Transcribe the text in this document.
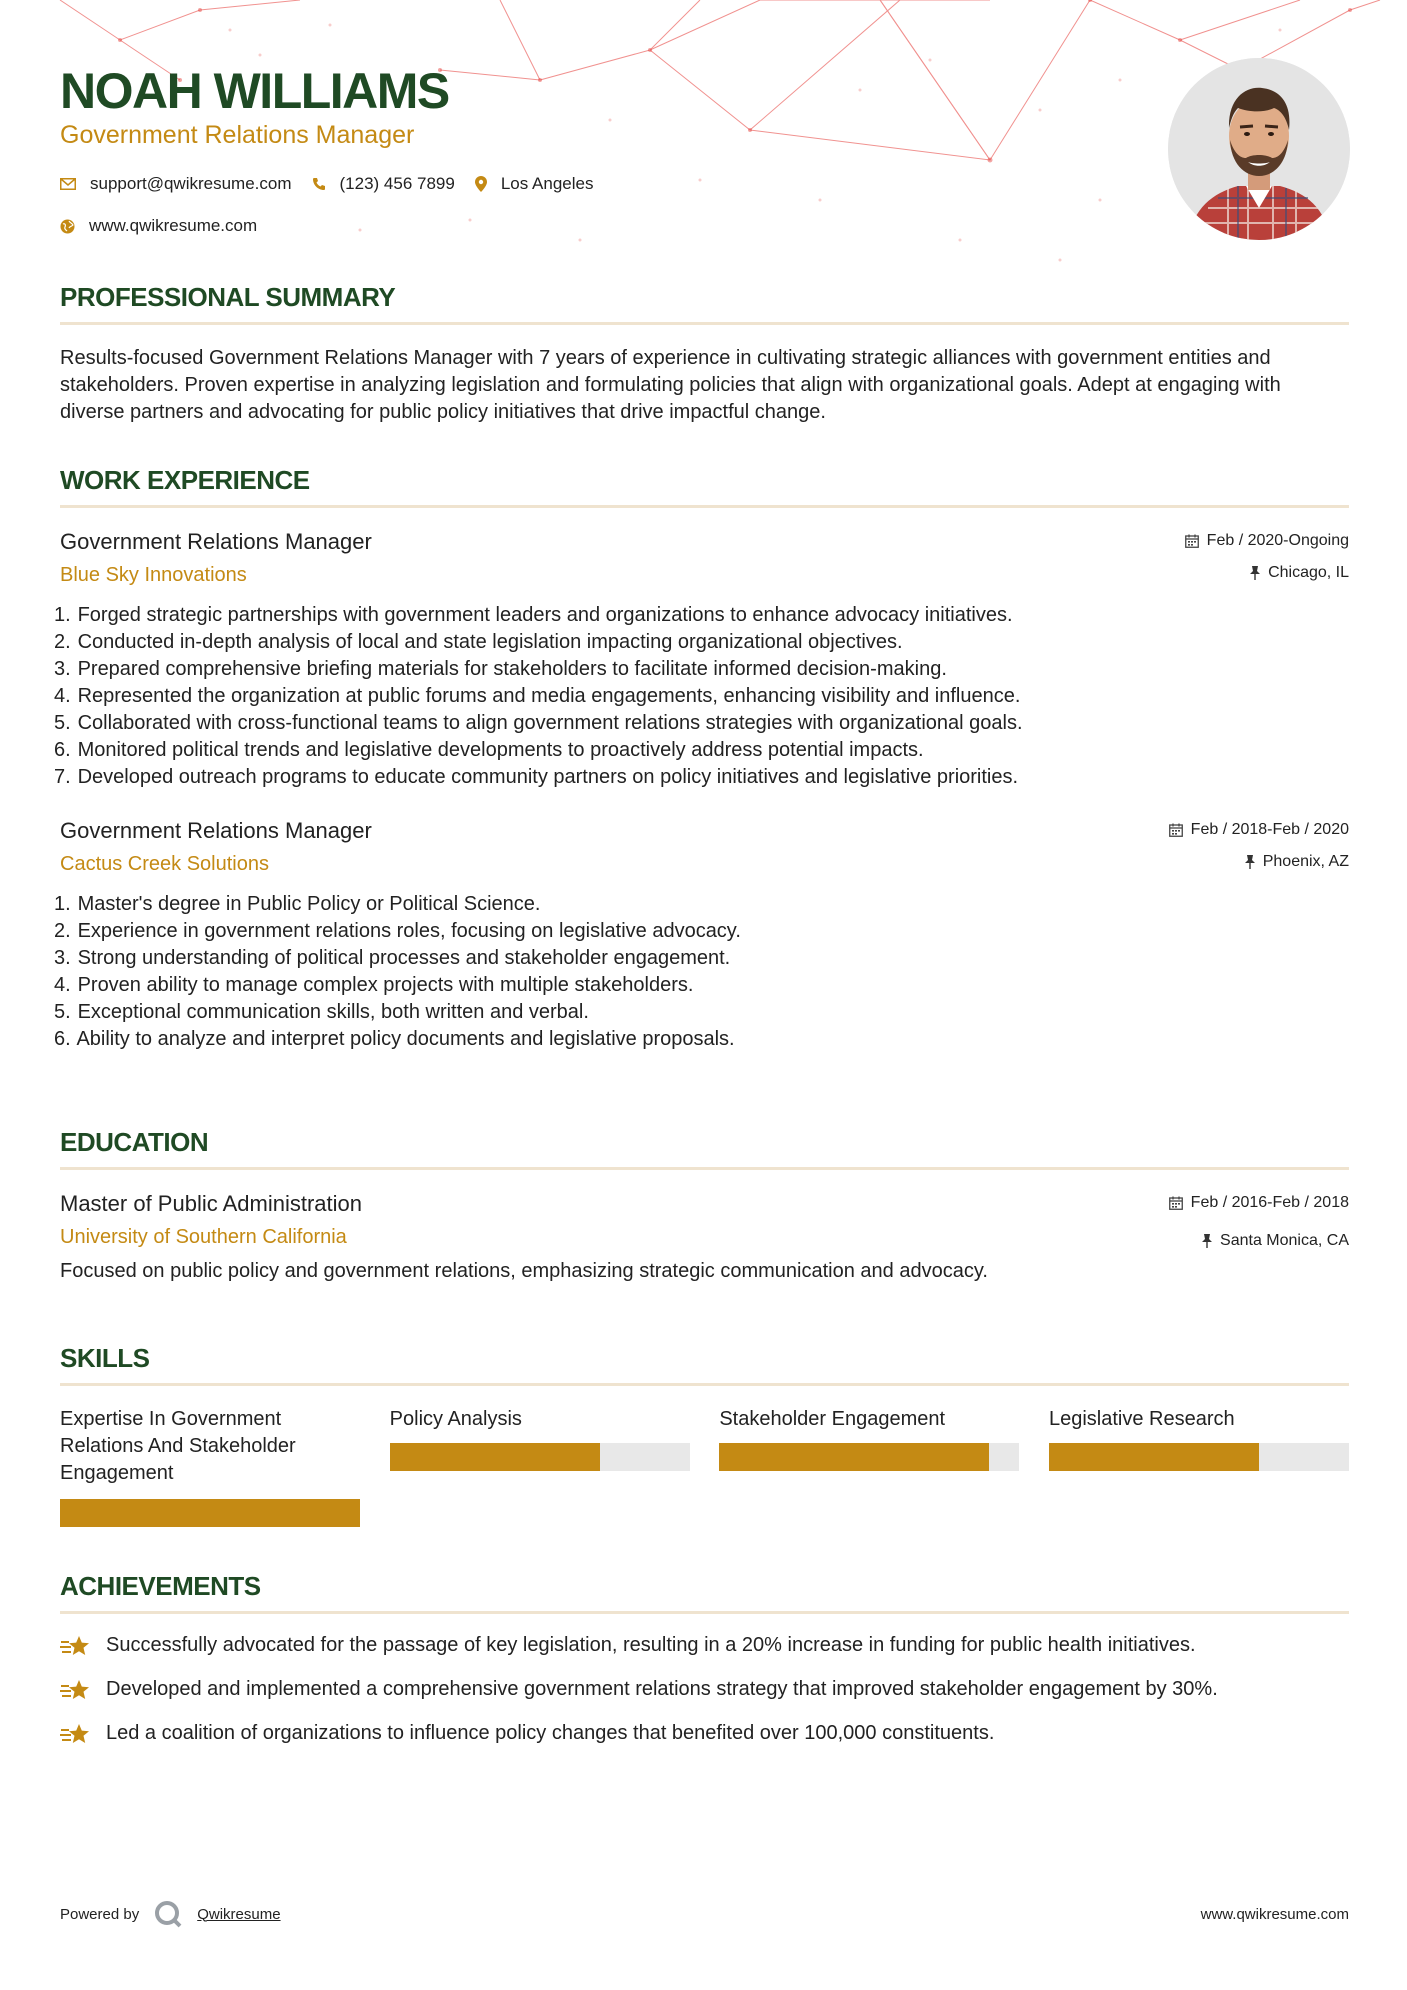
NOAH WILLIAMS
Government Relations Manager
support@qwikresume.com	(123) 456 7899	Los Angeles
www.qwikresume.com
PROFESSIONAL SUMMARY
Results-focused Government Relations Manager with 7 years of experience in cultivating strategic alliances with government entities and stakeholders. Proven expertise in analyzing legislation and formulating policies that align with organizational goals. Adept at engaging with diverse partners and advocating for public policy initiatives that drive impactful change.
WORK EXPERIENCE
Government Relations Manager
Blue Sky Innovations
Feb / 2020-Ongoing
Chicago, IL
1. Forged strategic partnerships with government leaders and organizations to enhance advocacy initiatives.
2. Conducted in-depth analysis of local and state legislation impacting organizational objectives.
3. Prepared comprehensive briefing materials for stakeholders to facilitate informed decision-making.
4. Represented the organization at public forums and media engagements, enhancing visibility and influence.
5. Collaborated with cross-functional teams to align government relations strategies with organizational goals.
6. Monitored political trends and legislative developments to proactively address potential impacts.
7. Developed outreach programs to educate community partners on policy initiatives and legislative priorities.
Government Relations Manager
Cactus Creek Solutions
Feb / 2018-Feb / 2020
Phoenix, AZ
1. Master's degree in Public Policy or Political Science.
2. Experience in government relations roles, focusing on legislative advocacy.
3. Strong understanding of political processes and stakeholder engagement.
4. Proven ability to manage complex projects with multiple stakeholders.
5. Exceptional communication skills, both written and verbal.
6. Ability to analyze and interpret policy documents and legislative proposals.
EDUCATION
Master of Public Administration
University of Southern California
Feb / 2016-Feb / 2018
Santa Monica, CA
Focused on public policy and government relations, emphasizing strategic communication and advocacy.
SKILLS
Expertise In Government Relations And Stakeholder Engagement
Policy Analysis	Stakeholder Engagement	Legislative Research
ACHIEVEMENTS
Successfully advocated for the passage of key legislation, resulting in a 20% increase in funding for public health initiatives.
Developed and implemented a comprehensive government relations strategy that improved stakeholder engagement by 30%.
Led a coalition of organizations to influence policy changes that benefited over 100,000 constituents.
Powered by	Qwikresume	www.qwikresume.com
